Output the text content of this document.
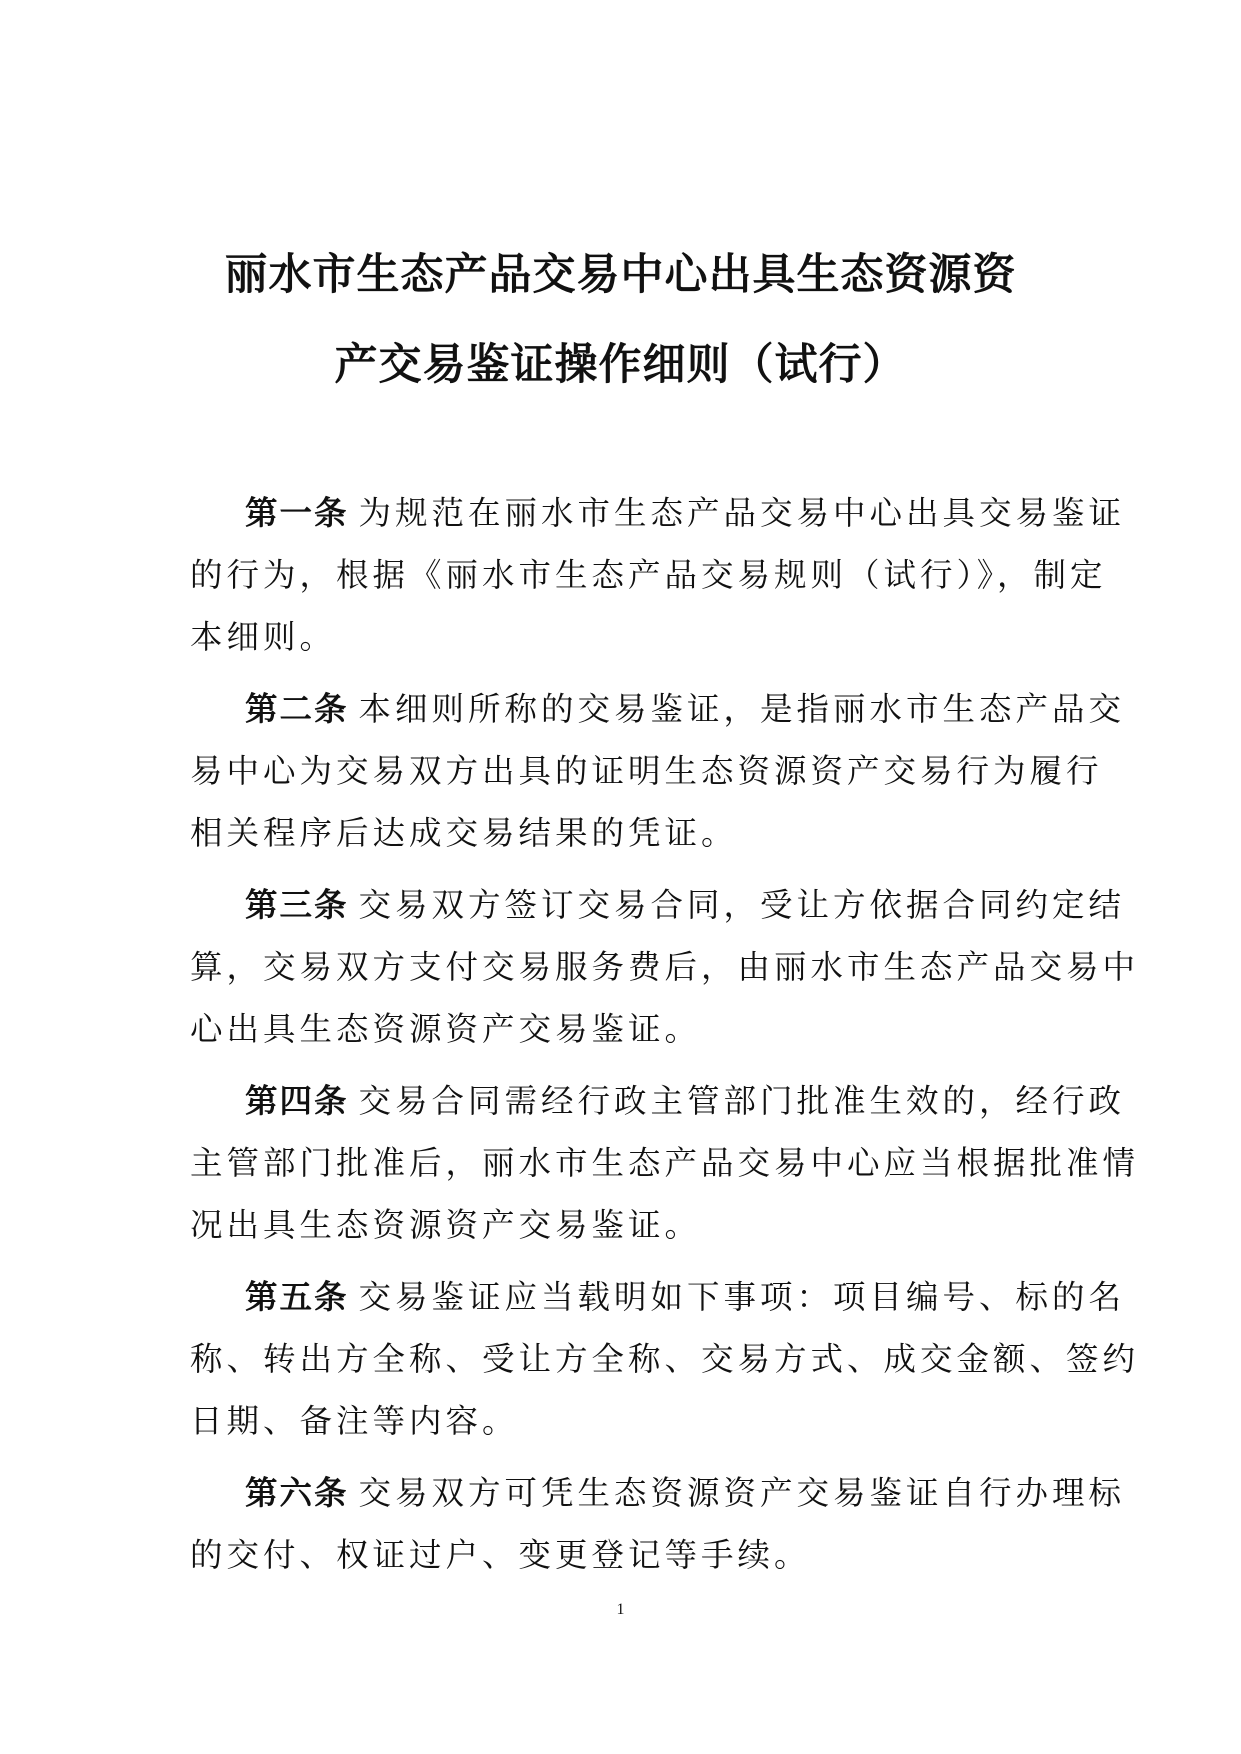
丽水市生态产品交易中心出具生态资源资
产交易鉴证操作细则（试行）
第一条 为规范在丽水市生态产品交易中心出具交易鉴证
的行为，根据《丽水市生态产品交易规则（试行）》，制定
本细则。
第二条 本细则所称的交易鉴证，是指丽水市生态产品交
易中心为交易双方出具的证明生态资源资产交易行为履行
相关程序后达成交易结果的凭证。
第三条 交易双方签订交易合同，受让方依据合同约定结
算，交易双方支付交易服务费后，由丽水市生态产品交易中
心出具生态资源资产交易鉴证。
第四条 交易合同需经行政主管部门批准生效的，经行政
主管部门批准后，丽水市生态产品交易中心应当根据批准情
况出具生态资源资产交易鉴证。
第五条 交易鉴证应当载明如下事项：项目编号、标的名
称、转出方全称、受让方全称、交易方式、成交金额、签约
日期、备注等内容。
第六条 交易双方可凭生态资源资产交易鉴证自行办理标
的交付、权证过户、变更登记等手续。
1
